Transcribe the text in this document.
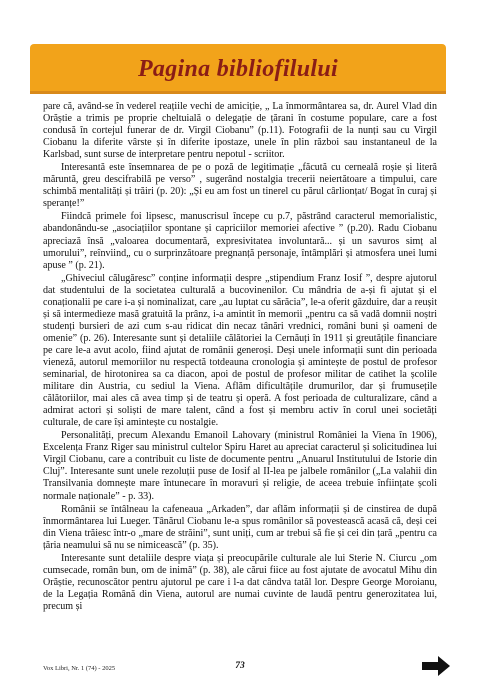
Pagina bibliofilului

pare că, având-se în vederel reațiile vechi de amiciție, „ La înmormântarea sa, dr. Aurel Vlad din Orăștie a trimis pe proprie cheltuială o delegație de țărani în costume populare, care a fost condusă în cortejul funerar de dr. Virgil Ciobanu” (p.11). Fotografii de la nunți sau cu Virgil Ciobanu la diferite vârste și în diferite ipostaze, unele în plin război sau instantaneul de la Karlsbad, sunt surse de interpretare pentru nepotul - scriitor.

Interesantă este însemnarea de pe o poză de legitimație „făcută cu cerneală roșie și literă măruntă, greu descifrabilă pe verso” , sugerând nostalgia trecerii neiertătoare a timpului, care schimbă mentalități și trăiri (p. 20): „Și eu am fost un tinerel cu părul cârlionțat/ Bogat în curaj și speranțe!”

Fiindcă primele foi lipsesc, manuscrisul începe cu p.7, păstrând caracterul memorialistic, abandonându-se „asociațiilor spontane și capriciilor memoriei afective ” (p.20). Radu Ciobanu apreciază însă „valoarea documentară, expresivitatea involuntară... și un savuros simț al umorului”, reînviind„ cu o surprinzătoare pregnanță personaje, întâmplări și atmosfera unei lumi apuse ” (p. 21).

„Ghiveciul călugăresc” conține informații despre „stipendium Franz Iosif ”, despre ajutorul dat studentului de la societatea culturală a bucovinenilor. Cu mândria de a-și fi ajutat și el conaționalii pe care i-a și nominalizat, care „au luptat cu sărăcia”, le-a oferit găzduire, dar a reușit și să intermedieze masă gratuită la prânz, i-a amintit în memorii „pentru ca să vadă domnii noștri studenți bursieri de azi cum s-au ridicat din necaz tânări vrednici, români buni și oameni de omenie” (p. 26). Interesante sunt și detaliile călătoriei la Cernăuți în 1911 și greutățile financiare pe care le-a avut acolo, fiind ajutat de românii generoși. Deși unele informații sunt din perioada vieneză, autorul memoriilor nu respectă totdeauna cronologia și amintește de postul de profesor seminarial, de hirotonirea sa ca diacon, apoi de postul de profesor militar de catihet la școlile militare din Austria, cu sediul la Viena. Aflăm dificultățile drumurilor, dar și frumusețile călătoriilor, mai ales că avea timp și de teatru și operă. A fost perioada de culturalizare, când a admirat actori și soliști de mare talent, când a fost și membru activ în corul unei societăți culturale, de care își amintește cu nostalgie.

Personalități, precum Alexandu Emanoil Lahovary (ministrul României la Viena în 1906), Excelența Franz Riger sau ministrul cultelor Spiru Haret au apreciat caracterul și solicitudinea lui Virgil Ciobanu, care a contribuit cu liste de documente pentru „Anuarul Institutului de Istorie din Cluj”. Interesante sunt unele rezoluții puse de Iosif al II-lea pe jalbele românilor („La valahii din Transilvania domnește mare întunecare în moravuri și religie, de aceea trebuie înființate școli normale naționale” - p. 33).

Românii se întâlneau la cafeneaua „Arkaden”, dar aflăm informații și de cinstirea de după înmormântarea lui Lueger. Tânărul Ciobanu le-a spus românilor să povestească acasă că, deși cei din Viena trăiesc într-o „mare de străini”, sunt uniți, cum ar trebui să fie și cei din țară „pentru ca țăria neamului să nu se nimicească” (p. 35).

Interesante sunt detaliile despre viața și preocupările culturale ale lui Sterie N. Ciurcu „om cumsecade, român bun, om de inimă” (p. 38), ale cărui fiice au fost ajutate de avocatul Mihu din Orăștie, recunoscător pentru ajutorul pe care i l-a dat cândva tatăl lor. Despre George Moroianu, de la Legația Română din Viena, autorul are numai cuvinte de laudă pentru generozitatea lui, precum și

Vox Libri, Nr. 1 (74) - 2025	73
